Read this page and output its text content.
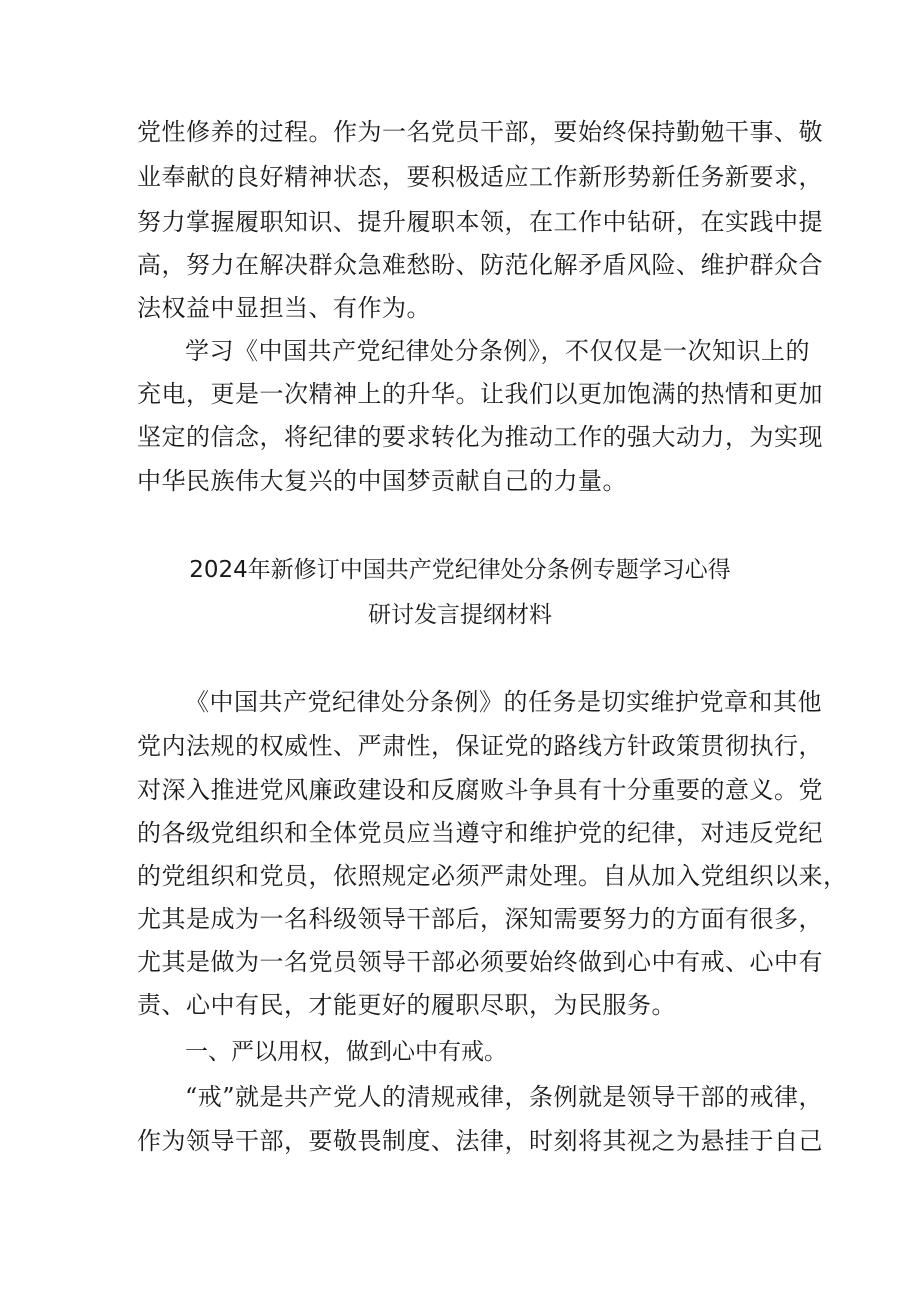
党性修养的过程。作为一名党员干部，要始终保持勤勉干事、敬
业奉献的良好精神状态，要积极适应工作新形势新任务新要求，
努力掌握履职知识、提升履职本领，在工作中钻研，在实践中提
高，努力在解决群众急难愁盼、防范化解矛盾风险、维护群众合
法权益中显担当、有作为。
学习《中国共产党纪律处分条例》，不仅仅是一次知识上的
充电，更是一次精神上的升华。让我们以更加饱满的热情和更加
坚定的信念，将纪律的要求转化为推动工作的强大动力，为实现
中华民族伟大复兴的中国梦贡献自己的力量。
2024年新修订中国共产党纪律处分条例专题学习心得
研讨发言提纲材料
《中国共产党纪律处分条例》的任务是切实维护党章和其他
党内法规的权威性、严肃性，保证党的路线方针政策贯彻执行，
对深入推进党风廉政建设和反腐败斗争具有十分重要的意义。党
的各级党组织和全体党员应当遵守和维护党的纪律，对违反党纪
的党组织和党员，依照规定必须严肃处理。自从加入党组织以来，
尤其是成为一名科级领导干部后，深知需要努力的方面有很多，
尤其是做为一名党员领导干部必须要始终做到心中有戒、心中有
责、心中有民，才能更好的履职尽职，为民服务。
一、严以用权，做到心中有戒。
“戒”就是共产党人的清规戒律，条例就是领导干部的戒律，
作为领导干部，要敬畏制度、法律，时刻将其视之为悬挂于自己
